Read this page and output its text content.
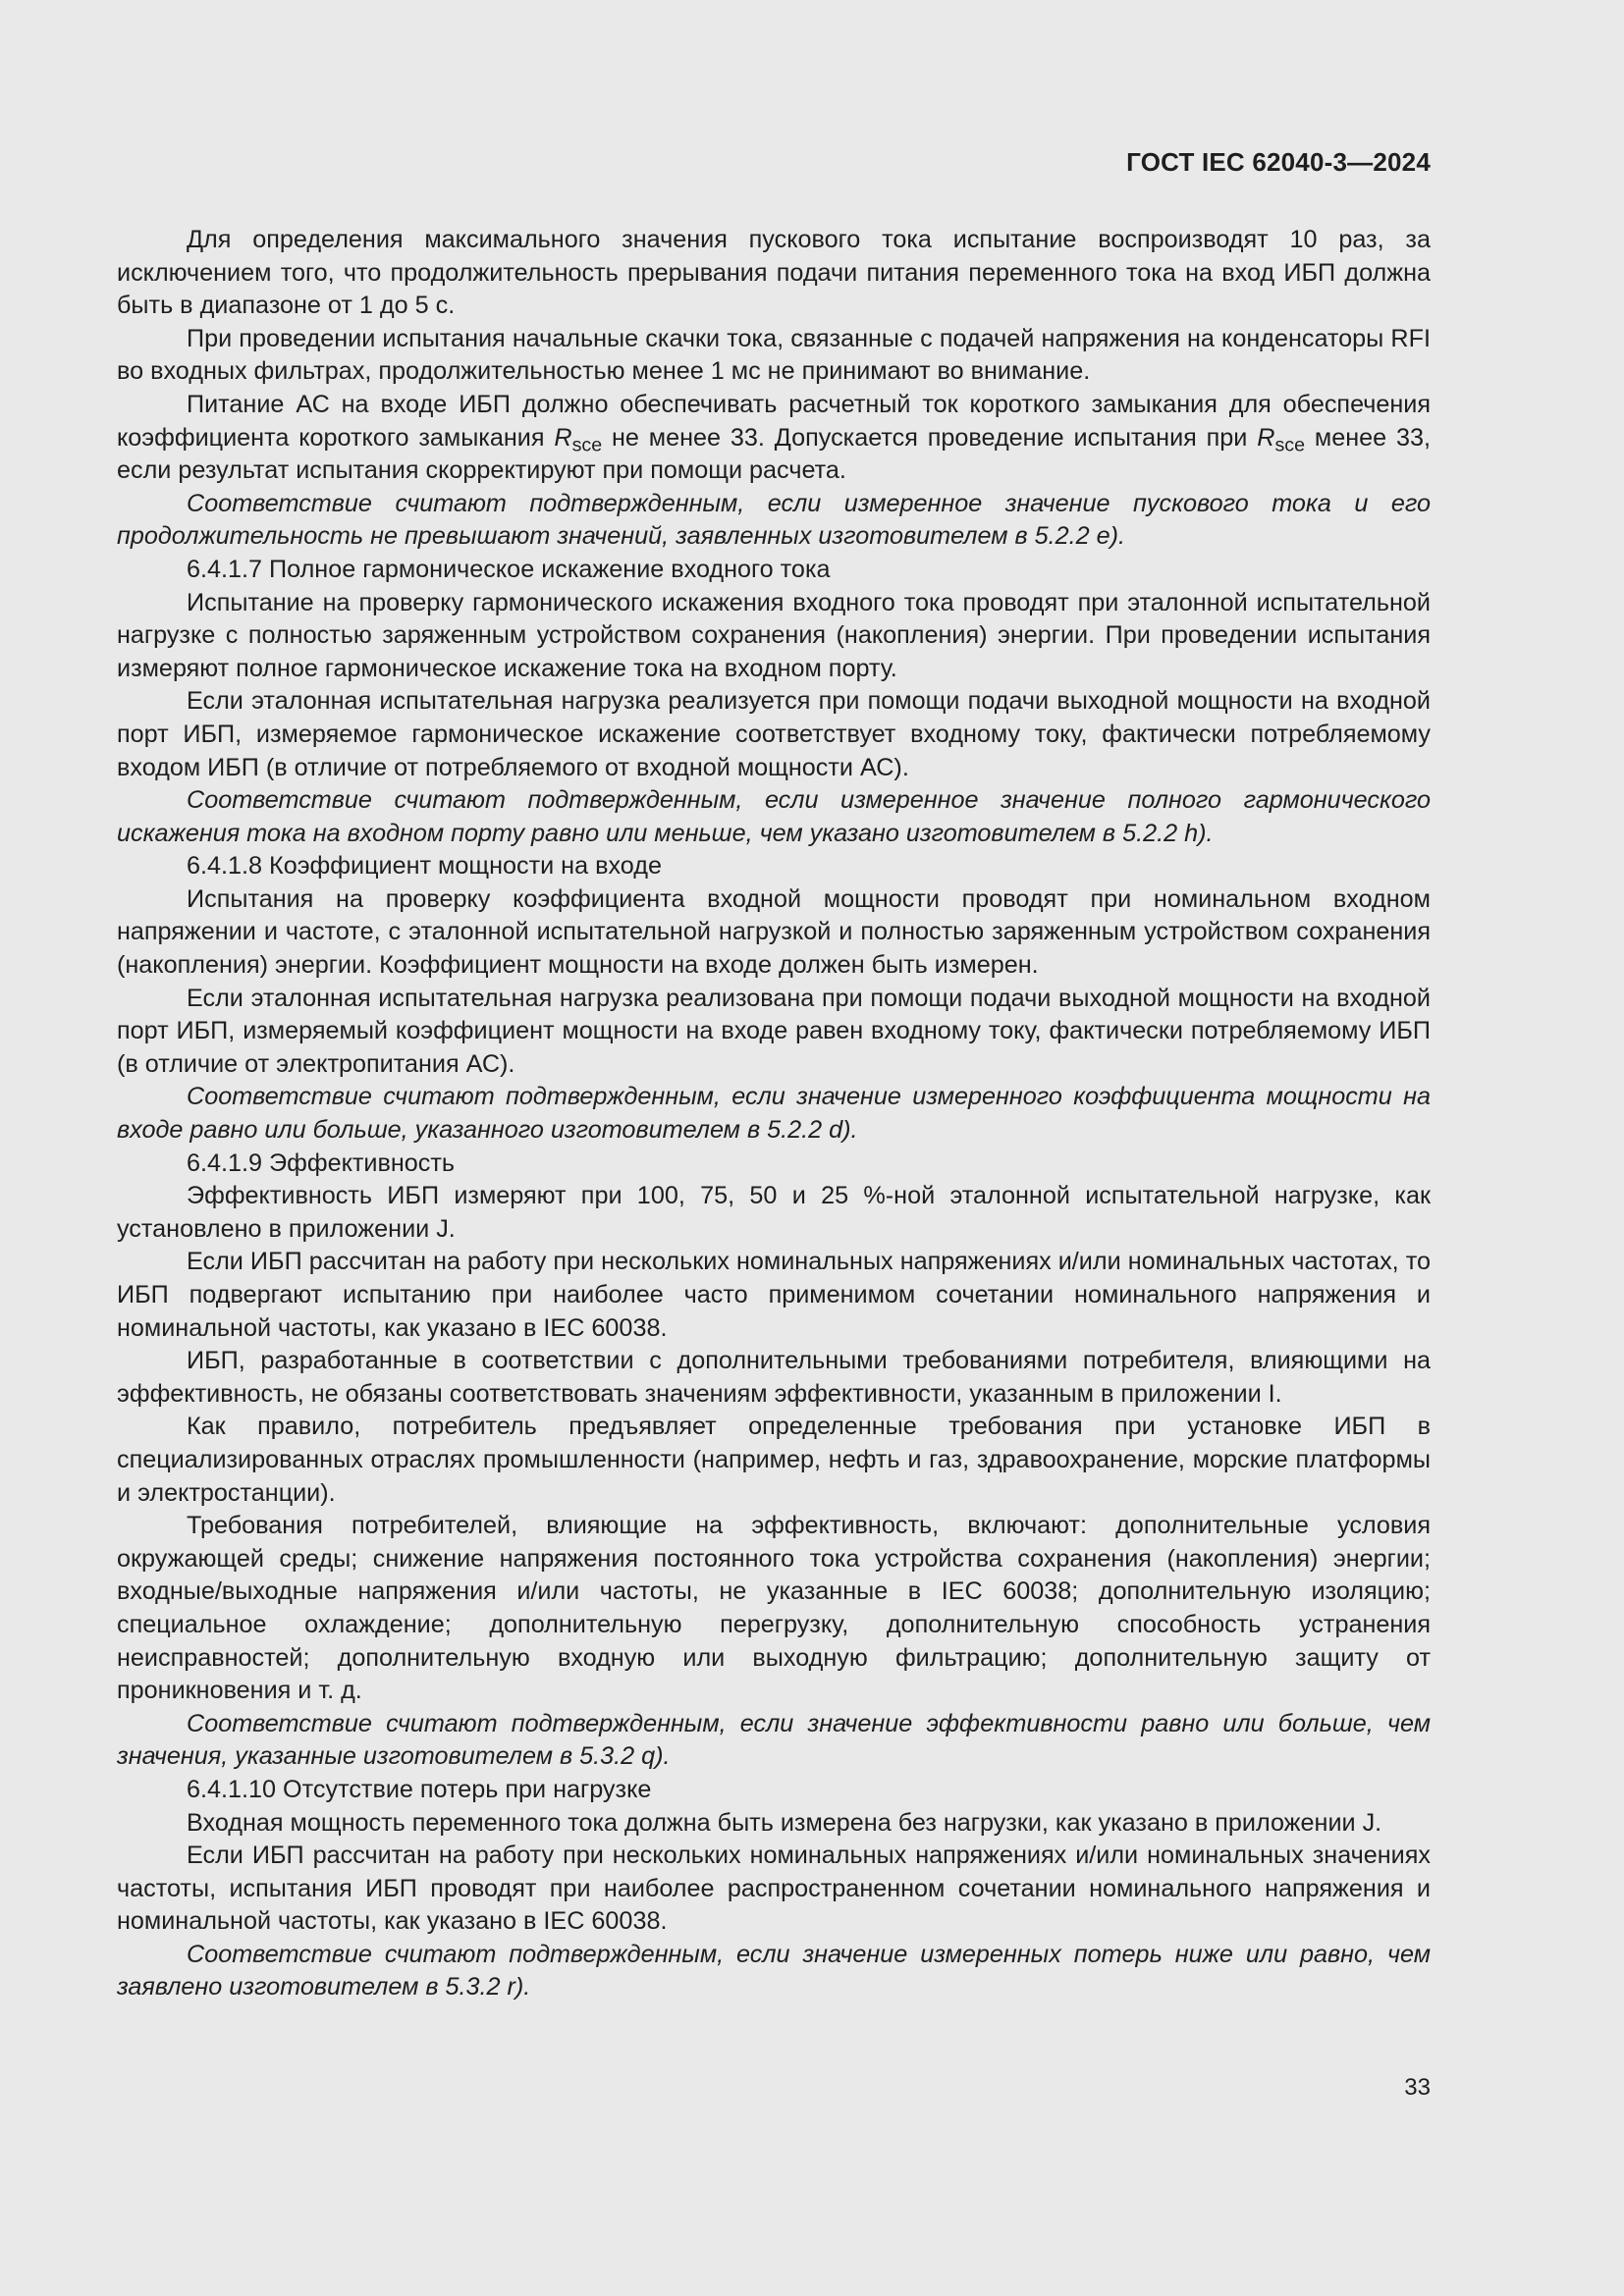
ГОСТ IEC 62040-3—2024

Для определения максимального значения пускового тока испытание воспроизводят 10 раз, за исключением того, что продолжительность прерывания подачи питания переменного тока на вход ИБП должна быть в диапазоне от 1 до 5 с.

При проведении испытания начальные скачки тока, связанные с подачей напряжения на конденсаторы RFI во входных фильтрах, продолжительностью менее 1 мс не принимают во внимание.

Питание АС на входе ИБП должно обеспечивать расчетный ток короткого замыкания для обеспечения коэффициента короткого замыкания $R_{sce}$ не менее 33. Допускается проведение испытания при $R_{sce}$ менее 33, если результат испытания скорректируют при помощи расчета.

Соответствие считают подтвержденным, если измеренное значение пускового тока и его продолжительность не превышают значений, заявленных изготовителем в 5.2.2 е).

6.4.1.7 Полное гармоническое искажение входного тока

Испытание на проверку гармонического искажения входного тока проводят при эталонной испытательной нагрузке с полностью заряженным устройством сохранения (накопления) энергии. При проведении испытания измеряют полное гармоническое искажение тока на входном порту.

Если эталонная испытательная нагрузка реализуется при помощи подачи выходной мощности на входной порт ИБП, измеряемое гармоническое искажение соответствует входному току, фактически потребляемому входом ИБП (в отличие от потребляемого от входной мощности АС).

Соответствие считают подтвержденным, если измеренное значение полного гармонического искажения тока на входном порту равно или меньше, чем указано изготовителем в 5.2.2 h).

6.4.1.8 Коэффициент мощности на входе

Испытания на проверку коэффициента входной мощности проводят при номинальном входном напряжении и частоте, с эталонной испытательной нагрузкой и полностью заряженным устройством сохранения (накопления) энергии. Коэффициент мощности на входе должен быть измерен.

Если эталонная испытательная нагрузка реализована при помощи подачи выходной мощности на входной порт ИБП, измеряемый коэффициент мощности на входе равен входному току, фактически потребляемому ИБП (в отличие от электропитания АС).

Соответствие считают подтвержденным, если значение измеренного коэффициента мощности на входе равно или больше, указанного изготовителем в 5.2.2 d).

6.4.1.9 Эффективность

Эффективность ИБП измеряют при 100, 75, 50 и 25 %-ной эталонной испытательной нагрузке, как установлено в приложении J.

Если ИБП рассчитан на работу при нескольких номинальных напряжениях и/или номинальных частотах, то ИБП подвергают испытанию при наиболее часто применимом сочетании номинального напряжения и номинальной частоты, как указано в IEC 60038.

ИБП, разработанные в соответствии с дополнительными требованиями потребителя, влияющими на эффективность, не обязаны соответствовать значениям эффективности, указанным в приложении I.

Как правило, потребитель предъявляет определенные требования при установке ИБП в специализированных отраслях промышленности (например, нефть и газ, здравоохранение, морские платформы и электростанции).

Требования потребителей, влияющие на эффективность, включают: дополнительные условия окружающей среды; снижение напряжения постоянного тока устройства сохранения (накопления) энергии; входные/выходные напряжения и/или частоты, не указанные в IEC 60038; дополнительную изоляцию; специальное охлаждение; дополнительную перегрузку, дополнительную способность устранения неисправностей; дополнительную входную или выходную фильтрацию; дополнительную защиту от проникновения и т. д.

Соответствие считают подтвержденным, если значение эффективности равно или больше, чем значения, указанные изготовителем в 5.3.2 q).

6.4.1.10 Отсутствие потерь при нагрузке

Входная мощность переменного тока должна быть измерена без нагрузки, как указано в приложении J.

Если ИБП рассчитан на работу при нескольких номинальных напряжениях и/или номинальных значениях частоты, испытания ИБП проводят при наиболее распространенном сочетании номинального напряжения и номинальной частоты, как указано в IEC 60038.

Соответствие считают подтвержденным, если значение измеренных потерь ниже или равно, чем заявлено изготовителем в 5.3.2 r).

33
